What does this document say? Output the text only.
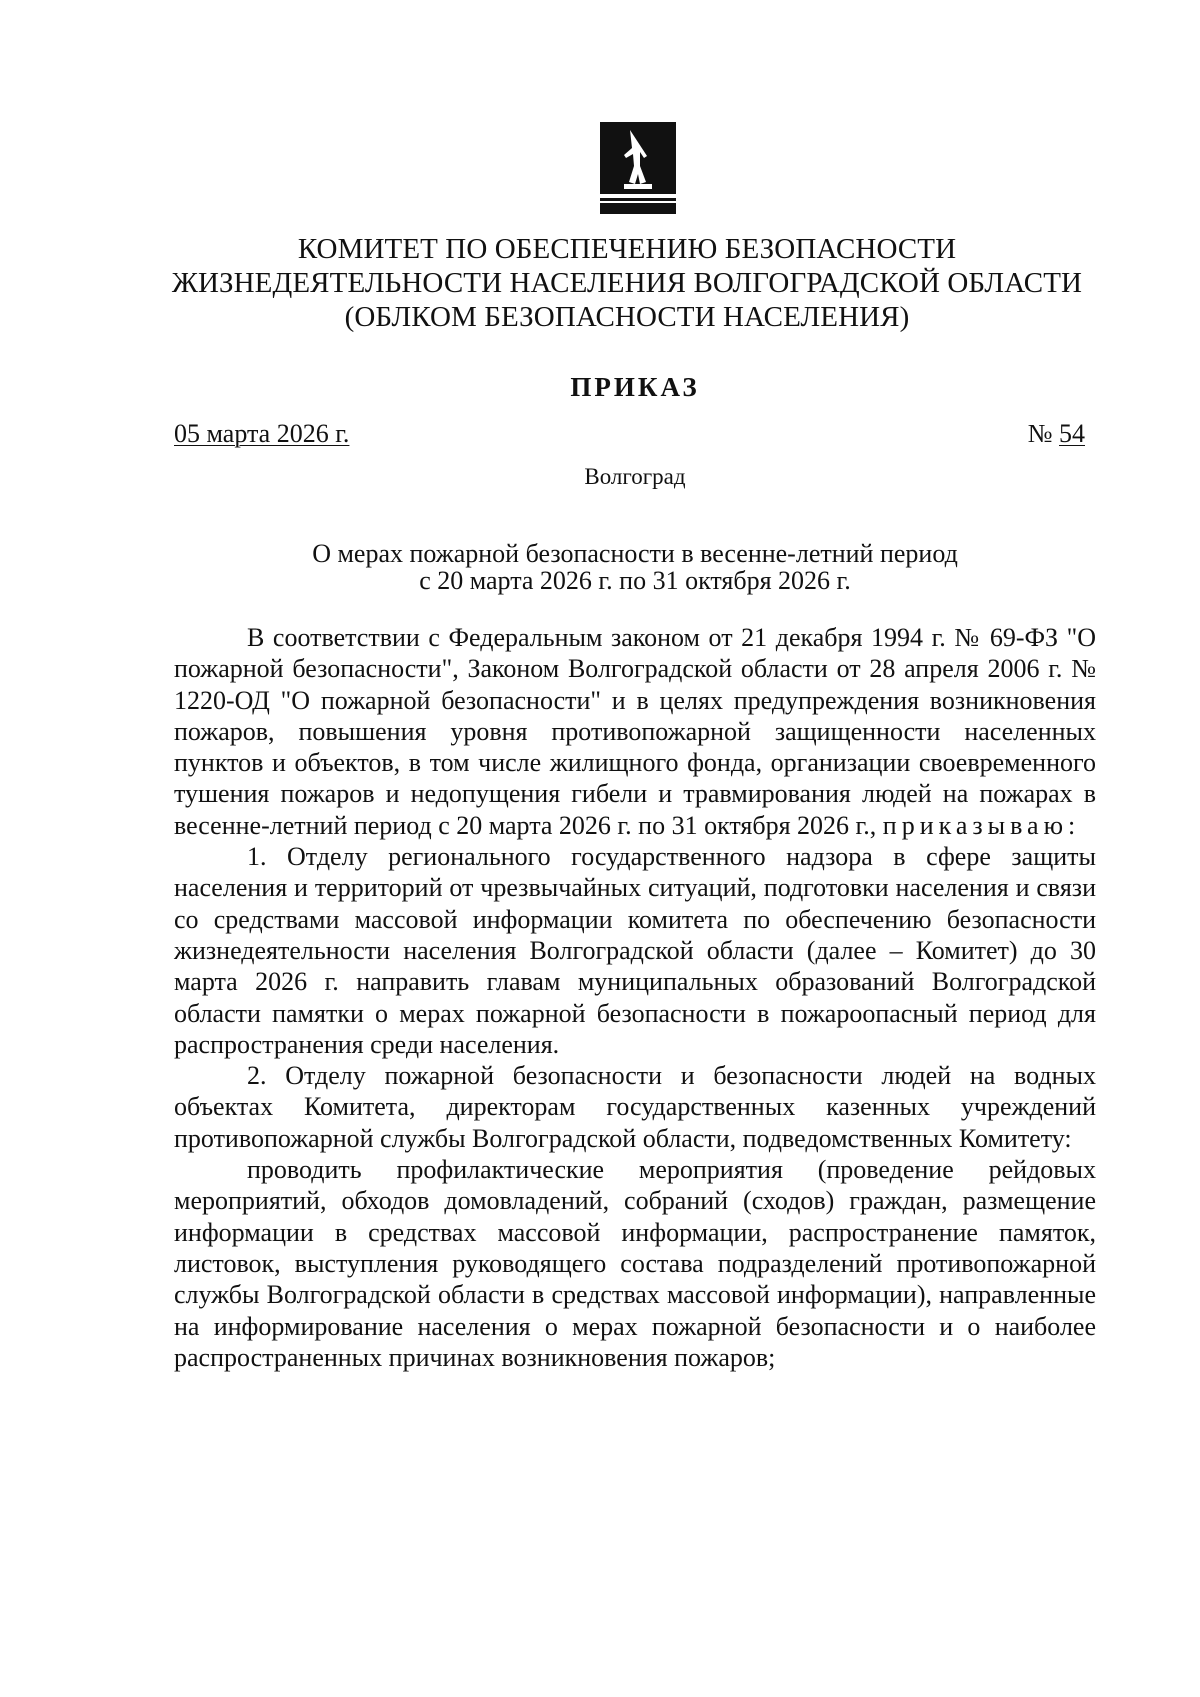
КОМИТЕТ ПО ОБЕСПЕЧЕНИЮ БЕЗОПАСНОСТИ
ЖИЗНЕДЕЯТЕЛЬНОСТИ НАСЕЛЕНИЯ ВОЛГОГРАДСКОЙ ОБЛАСТИ
(ОБЛКОМ БЕЗОПАСНОСТИ НАСЕЛЕНИЯ)
ПРИКАЗ
05 марта 2026 г.	№ 54
Волгоград
О мерах пожарной безопасности в весенне-летний период
с 20 марта 2026 г. по 31 октября 2026 г.

В соответствии с Федеральным законом от 21 декабря 1994 г. № 69-ФЗ "О пожарной безопасности", Законом Волгоградской области от 28 апреля 2006 г. № 1220-ОД "О пожарной безопасности" и в целях предупреждения возникновения пожаров, повышения уровня противопожарной защищенности населенных пунктов и объектов, в том числе жилищного фонда, организации своевременного тушения пожаров и недопущения гибели и травмирования людей на пожарах в весенне-летний период с 20 марта 2026 г. по 31 октября 2026 г., приказываю:

1. Отделу регионального государственного надзора в сфере защиты населения и территорий от чрезвычайных ситуаций, подготовки населения и связи со средствами массовой информации комитета по обеспечению безопасности жизнедеятельности населения Волгоградской области (далее – Комитет) до 30 марта 2026 г. направить главам муниципальных образований Волгоградской области памятки о мерах пожарной безопасности в пожароопасный период для распространения среди населения.

2. Отделу пожарной безопасности и безопасности людей на водных объектах Комитета, директорам государственных казенных учреждений противопожарной службы Волгоградской области, подведомственных Комитету:

проводить профилактические мероприятия (проведение рейдовых мероприятий, обходов домовладений, собраний (сходов) граждан, размещение информации в средствах массовой информации, распространение памяток, листовок, выступления руководящего состава подразделений противопожарной службы Волгоградской области в средствах массовой информации), направленные на информирование населения о мерах пожарной безопасности и о наиболее распространенных причинах возникновения пожаров;
